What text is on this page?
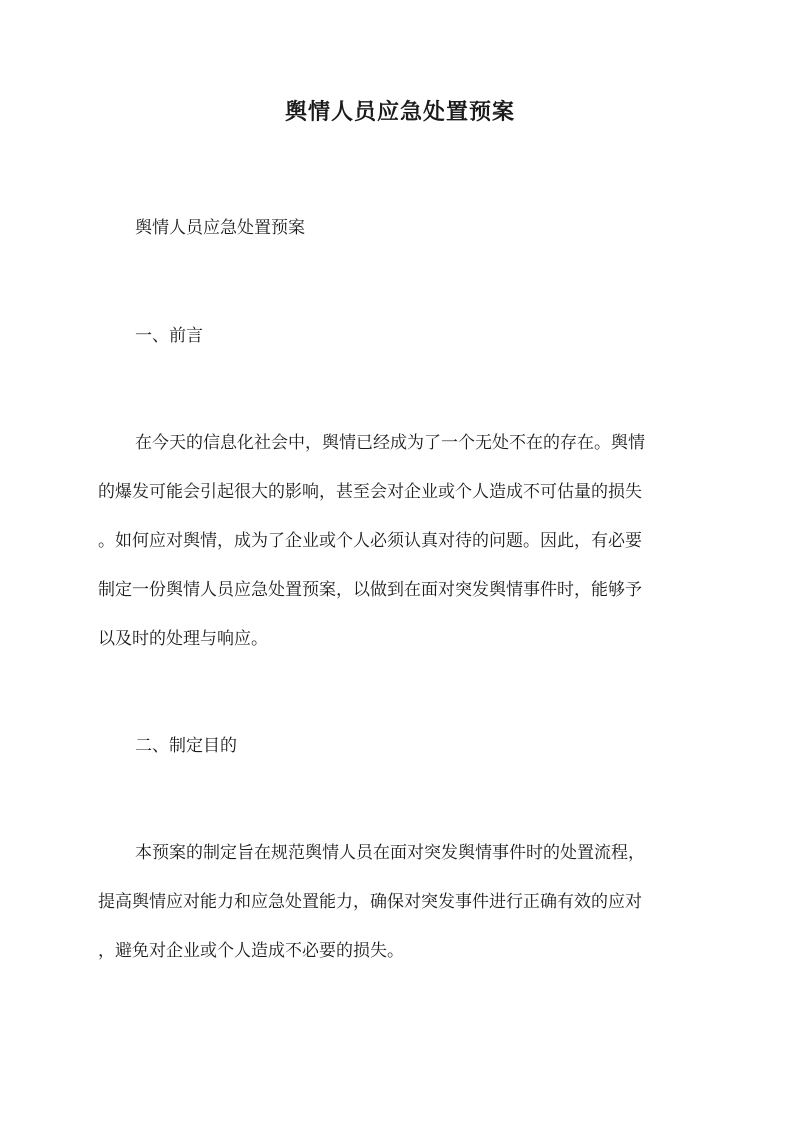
舆情人员应急处置预案
舆情人员应急处置预案
一、前言
在今天的信息化社会中，舆情已经成为了一个无处不在的存在。舆情
的爆发可能会引起很大的影响，甚至会对企业或个人造成不可估量的损失
。如何应对舆情，成为了企业或个人必须认真对待的问题。因此，有必要
制定一份舆情人员应急处置预案，以做到在面对突发舆情事件时，能够予
以及时的处理与响应。
二、制定目的
本预案的制定旨在规范舆情人员在面对突发舆情事件时的处置流程，
提高舆情应对能力和应急处置能力，确保对突发事件进行正确有效的应对
，避免对企业或个人造成不必要的损失。
